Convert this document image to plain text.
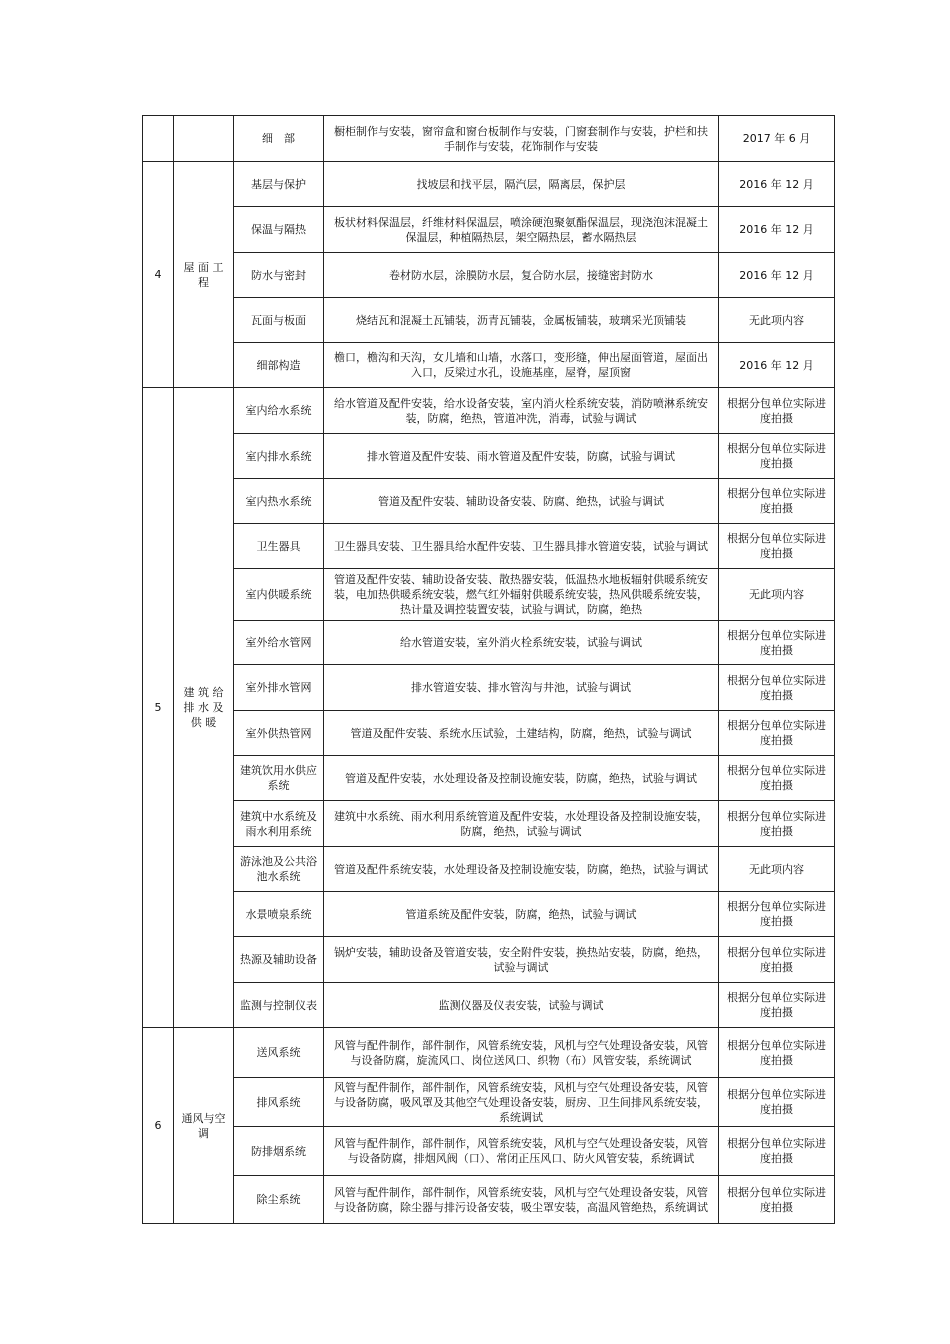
		细　部	橱柜制作与安装，窗帘盒和窗台板制作与安装，门窗套制作与安装，护栏和扶手制作与安装，花饰制作与安装	2017 年 6 月
4	屋 面 工程	基层与保护	找坡层和找平层，隔汽层，隔离层，保护层	2016 年 12 月
		保温与隔热	板状材料保温层，纤维材料保温层，喷涂硬泡聚氨酯保温层，现浇泡沫混凝土保温层，种植隔热层，架空隔热层，蓄水隔热层	2016 年 12 月
		防水与密封	卷材防水层，涂膜防水层，复合防水层，接缝密封防水	2016 年 12 月
		瓦面与板面	烧结瓦和混凝土瓦铺装，沥青瓦铺装，金属板铺装，玻璃采光顶铺装	无此项内容
		细部构造	檐口，檐沟和天沟，女儿墙和山墙，水落口，变形缝，伸出屋面管道，屋面出入口，反梁过水孔，设施基座，屋脊，屋顶窗	2016 年 12 月
5	建 筑 给 排 水 及 供 暖	室内给水系统	给水管道及配件安装，给水设备安装，室内消火栓系统安装，消防喷淋系统安装，防腐，绝热，管道冲洗，消毒，试验与调试	根据分包单位实际进度拍摄
		室内排水系统	排水管道及配件安装、雨水管道及配件安装，防腐，试验与调试	根据分包单位实际进度拍摄
		室内热水系统	管道及配件安装、辅助设备安装、防腐、绝热，试验与调试	根据分包单位实际进度拍摄
		卫生器具	卫生器具安装、卫生器具给水配件安装、卫生器具排水管道安装，试验与调试	根据分包单位实际进度拍摄
		室内供暖系统	管道及配件安装、辅助设备安装、散热器安装，低温热水地板辐射供暖系统安装，电加热供暖系统安装，燃气红外辐射供暖系统安装，热风供暖系统安装，热计量及调控装置安装，试验与调试，防腐，绝热	无此项内容
		室外给水管网	给水管道安装，室外消火栓系统安装，试验与调试	根据分包单位实际进度拍摄
		室外排水管网	排水管道安装、排水管沟与井池，试验与调试	根据分包单位实际进度拍摄
		室外供热管网	管道及配件安装、系统水压试验，土建结构，防腐，绝热，试验与调试	根据分包单位实际进度拍摄
		建筑饮用水供应系统	管道及配件安装，水处理设备及控制设施安装，防腐，绝热，试验与调试	根据分包单位实际进度拍摄
		建筑中水系统及雨水利用系统	建筑中水系统、雨水利用系统管道及配件安装，水处理设备及控制设施安装，防腐，绝热，试验与调试	根据分包单位实际进度拍摄
		游泳池及公共浴池水系统	管道及配件系统安装，水处理设备及控制设施安装，防腐，绝热，试验与调试	无此项内容
		水景喷泉系统	管道系统及配件安装，防腐，绝热，试验与调试	根据分包单位实际进度拍摄
		热源及辅助设备	锅炉安装，辅助设备及管道安装，安全附件安装，换热站安装，防腐，绝热，试验与调试	根据分包单位实际进度拍摄
		监测与控制仪表	监测仪器及仪表安装，试验与调试	根据分包单位实际进度拍摄
6	通风与空调	送风系统	风管与配件制作，部件制作，风管系统安装，风机与空气处理设备安装，风管与设备防腐，旋流风口、岗位送风口、织物（布）风管安装，系统调试	根据分包单位实际进度拍摄
		排风系统	风管与配件制作，部件制作，风管系统安装，风机与空气处理设备安装，风管与设备防腐，吸风罩及其他空气处理设备安装，厨房、卫生间排风系统安装，系统调试	根据分包单位实际进度拍摄
		防排烟系统	风管与配件制作，部件制作，风管系统安装，风机与空气处理设备安装，风管与设备防腐，排烟风阀（口）、常闭正压风口、防火风管安装，系统调试	根据分包单位实际进度拍摄
		除尘系统	风管与配件制作，部件制作，风管系统安装，风机与空气处理设备安装，风管与设备防腐，除尘器与排污设备安装，吸尘罩安装，高温风管绝热，系统调试	根据分包单位实际进度拍摄
